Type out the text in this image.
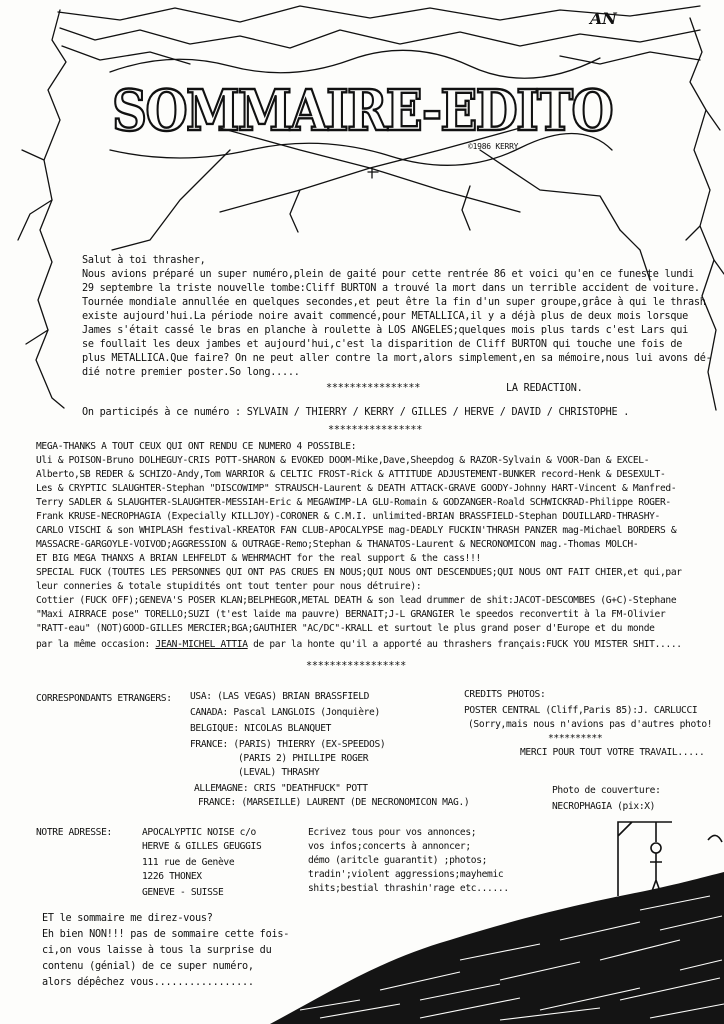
SOMMAIRE-EDITO
AN
©1986 KERRY
Salut à toi thrasher,
Nous avions préparé un super numéro,plein de gaité pour cette rentrée 86 et voici qu'en ce funeste lundi
29 septembre la triste nouvelle tombe:Cliff BURTON a trouvé la mort dans un terrible accident de voiture.
Tournée mondiale annullée en quelques secondes,et peut être la fin d'un super groupe,grâce à qui le thrash
existe aujourd'hui.La période noire avait commencé,pour METALLICA,il y a déjà plus de deux mois lorsque
James s'était cassé le bras en planche à roulette à LOS ANGELES;quelques mois plus tards c'est Lars qui
se foullait les deux jambes et aujourd'hui,c'est la disparition de Cliff BURTON qui touche une fois de
plus METALLICA.Que faire? On ne peut aller contre la mort,alors simplement,en sa mémoire,nous lui avons dé-
dié notre premier poster.So long.....
****************	LA REDACTION.
On participés à ce numéro : SYLVAIN / THIERRY / KERRY / GILLES / HERVE / DAVID / CHRISTOPHE .
****************
MEGA-THANKS A TOUT CEUX QUI ONT RENDU CE NUMERO 4 POSSIBLE:
Uli & POISON-Bruno DOLHEGUY-CRIS POTT-SHARON & EVOKED DOOM-Mike,Dave,Sheepdog & RAZOR-Sylvain & VOOR-Dan & EXCEL-
Alberto,SB REDER & SCHIZO-Andy,Tom WARRIOR & CELTIC FROST-Rick & ATTITUDE ADJUSTEMENT-BUNKER record-Henk & DESEXULT-
Les & CRYPTIC SLAUGHTER-Stephan "DISCOWIMP" STRAUSCH-Laurent & DEATH ATTACK-GRAVE GOODY-Johnny HART-Vincent & Manfred-
Terry SADLER & SLAUGHTER-SLAUGHTER-MESSIAH-Eric & MEGAWIMP-LA GLU-Romain & GODZANGER-Roald SCHWICKRAD-Philippe ROGER-
Frank KRUSE-NECROPHAGIA (Expecially KILLJOY)-CORONER & C.M.I. unlimited-BRIAN BRASSFIELD-Stephan DOUILLARD-THRASHY-
CARLO VISCHI & son WHIPLASH festival-KREATOR FAN CLUB-APOCALYPSE mag-DEADLY FUCKIN'THRASH PANZER mag-Michael BORDERS &
MASSACRE-GARGOYLE-VOIVOD;AGGRESSION & OUTRAGE-Remo;Stephan & THANATOS-Laurent & NECRONOMICON mag.-Thomas MOLCH-
ET BIG MEGA THANXS A BRIAN LEHFELDT & WEHRMACHT for the real support & the cass!!!
SPECIAL FUCK (TOUTES LES PERSONNES QUI ONT PAS CRUES EN NOUS;QUI NOUS ONT DESCENDUES;QUI NOUS ONT FAIT CHIER,et qui,par
leur conneries & totale stupidités ont tout tenter pour nous détruire):
Cottier (FUCK OFF);GENEVA'S POSER KLAN;BELPHEGOR,METAL DEATH & son lead drummer de shit:JACOT-DESCOMBES (G+C)-Stephane
"Maxi AIRRACE pose" TORELLO;SUZI (t'est laide ma pauvre) BERNAIT;J-L GRANGIER le speedos reconvertit à la FM-Olivier
"RATT-eau" (NOT)GOOD-GILLES MERCIER;BGA;GAUTHIER "AC/DC"-KRALL et surtout le plus grand poser d'Europe et du monde
par la même occasion: JEAN-MICHEL ATTIA de par la honte qu'il a apporté au thrashers français:FUCK YOU MISTER SHIT.....
*****************
CORRESPONDANTS ETRANGERS: USA: (LAS VEGAS) BRIAN BRASSFIELD
CANADA: Pascal LANGLOIS (Jonquière)
BELGIQUE: NICOLAS BLANQUET
FRANCE: (PARIS) THIERRY (EX-SPEEDOS)
(PARIS 2) PHILLIPE ROGER
(LEVAL) THRASHY
ALLEMAGNE: CRIS "DEATHFUCK" POTT
FRANCE: (MARSEILLE) LAURENT (DE NECRONOMICON MAG.)
CREDITS PHOTOS:
POSTER CENTRAL (Cliff,Paris 85):J. CARLUCCI
(Sorry,mais nous n'avions pas d'autres photo!
**********
MERCI POUR TOUT VOTRE TRAVAIL.....
Photo de couverture:
NECROPHAGIA (pix:X)
NOTRE ADRESSE:	APOCALYPTIC NOISE c/o
HERVE & GILLES GEUGGIS
111 rue de Genève
1226 THONEX
GENEVE - SUISSE
Ecrivez tous pour vos annonces;
vos infos;concerts à annoncer;
démo (aritcle guarantit) ;photos;
tradin';violent aggressions;mayhemic
shits;bestial thrashin'rage etc......
ET le sommaire me direz-vous?
Eh bien NON!!! pas de sommaire cette fois-
ci,on vous laisse à tous la surprise du
contenu (génial) de ce super numéro,
alors dépêchez vous.................
